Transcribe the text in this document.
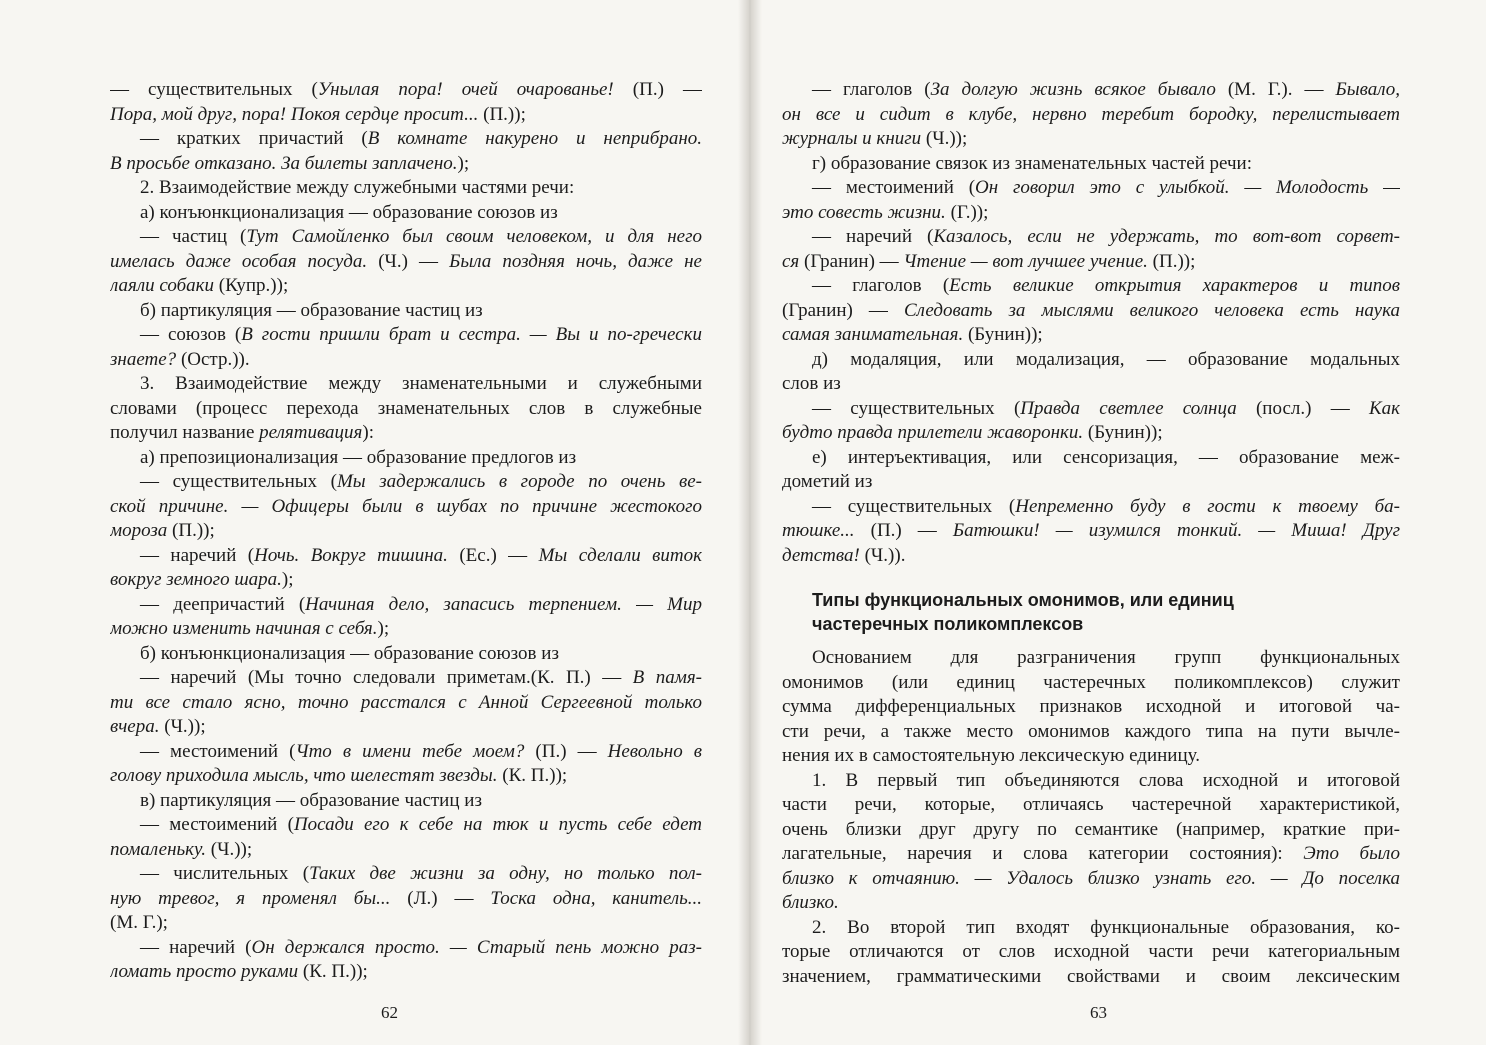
— существительных (Унылая пора! очей очарованье! (П.) —
Пора, мой друг, пора! Покоя сердце просит... (П.));
— кратких причастий (В комнате накурено и неприбрано.
В просьбе отказано. За билеты заплачено.);
2. Взаимодействие между служебными частями речи:
а) конъюнкционализация — образование союзов из
— частиц (Тут Самойленко был своим человеком, и для него
имелась даже особая посуда. (Ч.) — Была поздняя ночь, даже не
лаяли собаки (Купр.));
б) партикуляция — образование частиц из
— союзов (В гости пришли брат и сестра. — Вы и по-гречески
знаете? (Остр.)).
3. Взаимодействие между знаменательными и служебными
словами (процесс перехода знаменательных слов в служебные
получил название релятивация):
а) препозиционализация — образование предлогов из
— существительных (Мы задержались в городе по очень ве-
ской причине. — Офицеры были в шубах по причине жестокого
мороза (П.));
— наречий (Ночь. Вокруг тишина. (Ес.) — Мы сделали виток
вокруг земного шара.);
— деепричастий (Начиная дело, запасись терпением. — Мир
можно изменить начиная с себя.);
б) конъюнкционализация — образование союзов из
— наречий (Мы точно следовали приметам.(К. П.) — В памя-
ти все стало ясно, точно расстался с Анной Сергеевной только
вчера. (Ч.));
— местоимений (Что в имени тебе моем? (П.) — Невольно в
голову приходила мысль, что шелестят звезды. (К. П.));
в) партикуляция — образование частиц из
— местоимений (Посади его к себе на тюк и пусть себе едет
помаленьку. (Ч.));
— числительных (Таких две жизни за одну, но только пол-
ную тревог, я променял бы... (Л.) — Тоска одна, канитель...
(М. Г.);
— наречий (Он держался просто. — Старый пень можно раз-
ломать просто руками (К. П.));
— глаголов (За долгую жизнь всякое бывало (М. Г.). — Бывало,
он все и сидит в клубе, нервно теребит бородку, перелистывает
журналы и книги (Ч.));
г) образование связок из знаменательных частей речи:
— местоимений (Он говорил это с улыбкой. — Молодость —
это совесть жизни. (Г.));
— наречий (Казалось, если не удержать, то вот-вот сорвет-
ся (Гранин) — Чтение — вот лучшее учение. (П.));
— глаголов (Есть великие открытия характеров и типов
(Гранин) — Следовать за мыслями великого человека есть наука
самая занимательная. (Бунин));
д) модаляция, или модализация, — образование модальных
слов из
— существительных (Правда светлее солнца (посл.) — Как
будто правда прилетели жаворонки. (Бунин));
е) интеръективация, или сенсоризация, — образование меж-
дометий из
— существительных (Непременно буду в гости к твоему ба-
тюшке... (П.) — Батюшки! — изумился тонкий. — Миша! Друг
детства! (Ч.)).
Типы функциональных омонимов, или единиц
частеречных поликомплексов
Основанием для разграничения групп функциональных
омонимов (или единиц частеречных поликомплексов) служит
сумма дифференциальных признаков исходной и итоговой ча-
сти речи, а также место омонимов каждого типа на пути вычле-
нения их в самостоятельную лексическую единицу.
1. В первый тип объединяются слова исходной и итоговой
части речи, которые, отличаясь частеречной характеристикой,
очень близки друг другу по семантике (например, краткие при-
лагательные, наречия и слова категории состояния): Это было
близко к отчаянию. — Удалось близко узнать его. — До поселка
близко.
2. Во второй тип входят функциональные образования, ко-
торые отличаются от слов исходной части речи категориальным
значением, грамматическими свойствами и своим лексическим
62	63
